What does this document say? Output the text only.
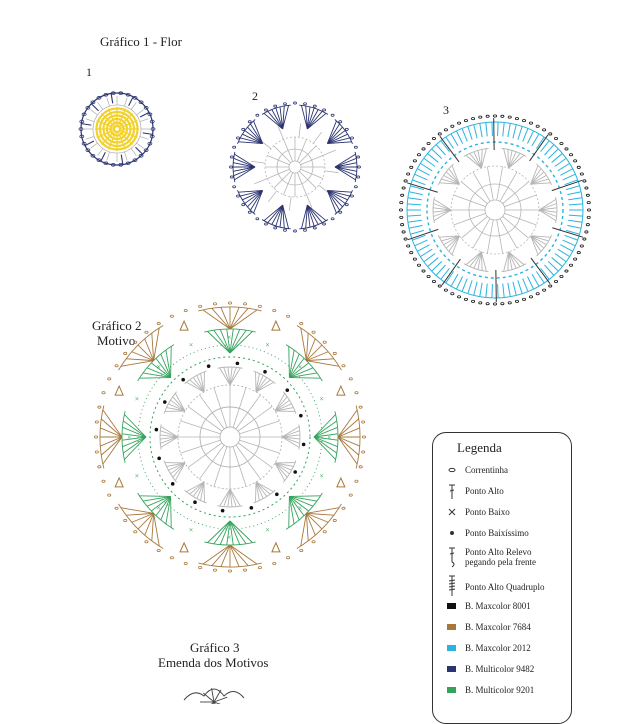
Gráfico 1 - Flor
1
2
3
Gráfico 2
Motivo
Gráfico 3
Emenda dos Motivos
×
×
×
×
×
×
×
×
×
×
×
×
×
×
×
×
Legenda
Correntinha
Ponto Alto
Ponto Baixo
Ponto Baixíssimo
Ponto Alto Relevo
pegando pela frente
Ponto Alto Quadruplo
B. Maxcolor 8001
B. Maxcolor 7684
B. Maxcolor 2012
B. Multicolor 9482
B. Multicolor 9201
